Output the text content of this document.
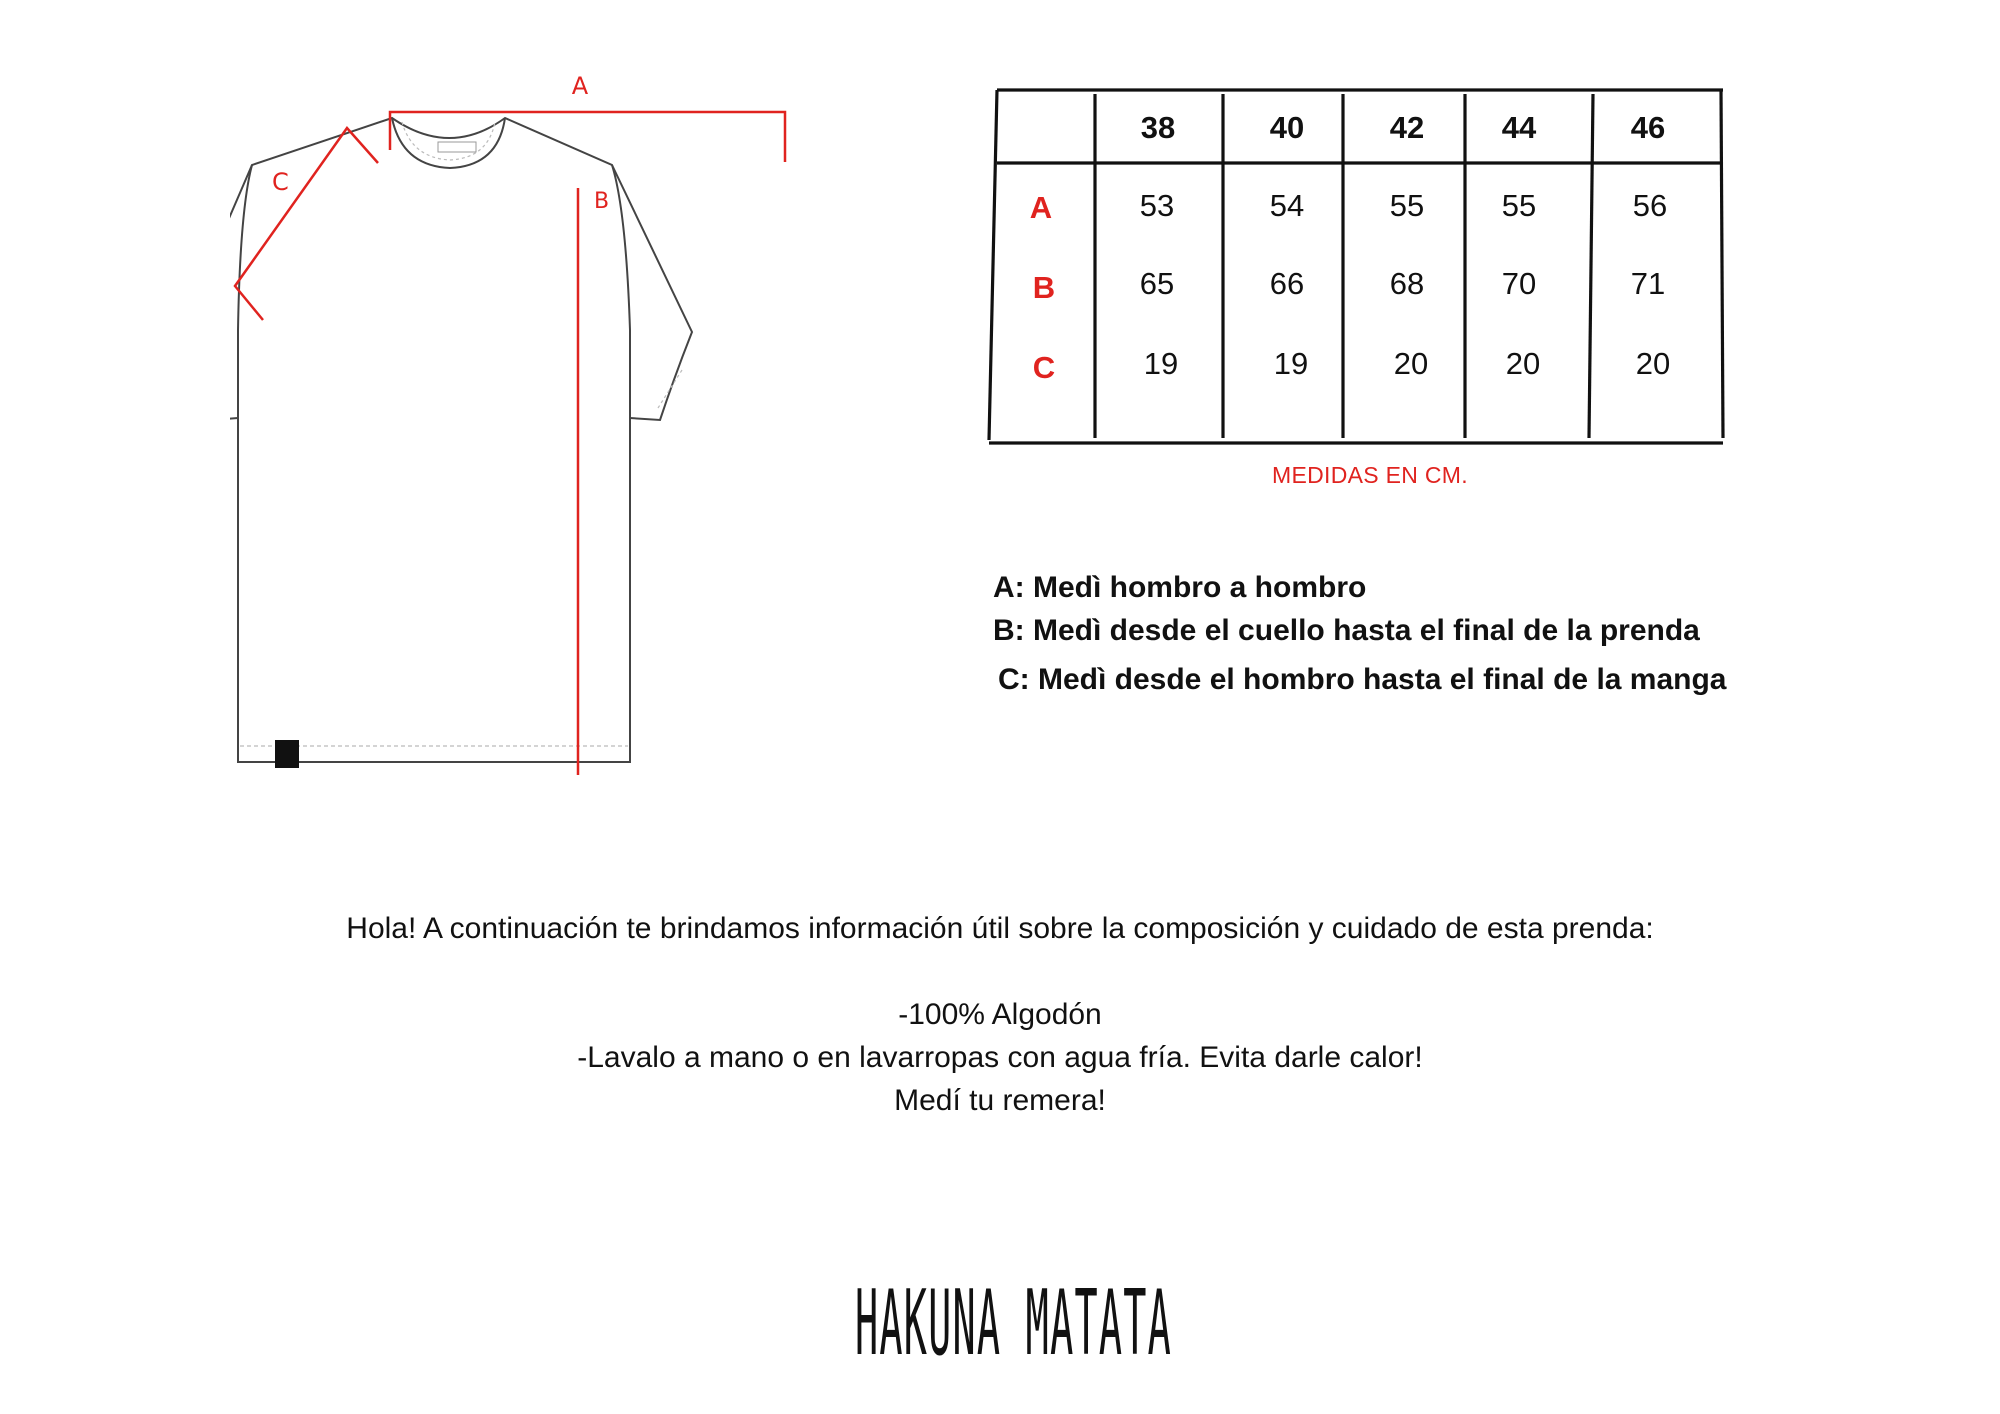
A
B
C
38	40	42	44	46
A	53	54	55	55	56
B	65	66	68	70	71
C	19	19	20	20	20
MEDIDAS EN CM.
A: Medì hombro a hombro
B: Medì desde el cuello hasta el final de la prenda
C: Medì desde el hombro hasta el final de la manga
Hola! A continuación te brindamos información útil sobre la composición y cuidado de esta prenda:
-100% Algodón
-Lavalo a mano o en lavarropas con agua fría. Evita darle calor!
Medí tu remera!
HAKUNA MATATA
